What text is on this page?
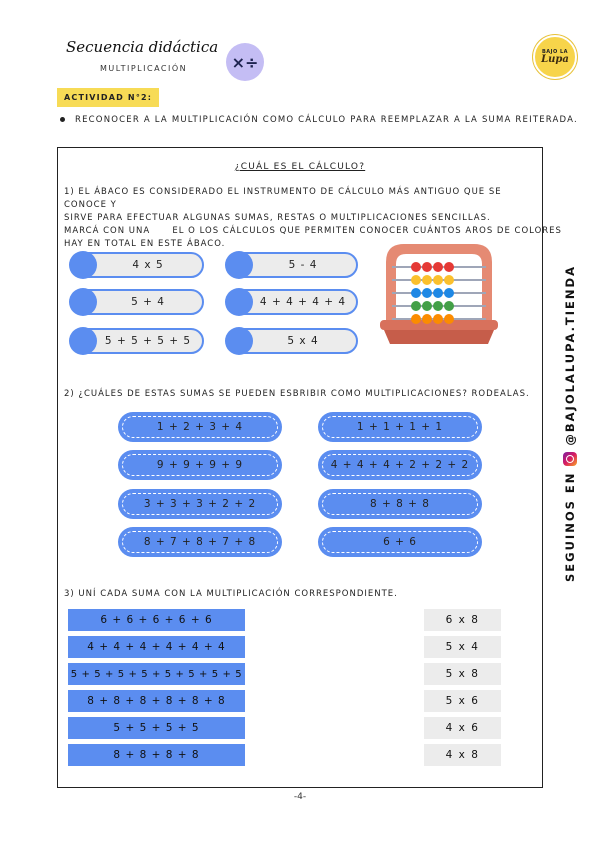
Secuencia didáctica
MULTIPLICACIÓN	×÷
BAJO LA
Lupa
ACTIVIDAD N°2:
RECONOCER A LA MULTIPLICACIÓN COMO CÁLCULO PARA REEMPLAZAR A LA SUMA REITERADA.
¿CUÁL ES EL CÁLCULO?
1) EL ÁBACO ES CONSIDERADO EL INSTRUMENTO DE CÁLCULO MÁS ANTIGUO QUE SE CONOCE Y
SIRVE PARA EFECTUAR ALGUNAS SUMAS, RESTAS O MULTIPLICACIONES SENCILLAS.
MARCÁ CON UNA      EL O LOS CÁLCULOS QUE PERMITEN CONOCER CUÁNTOS AROS DE COLORES
HAY EN TOTAL EN ESTE ÁBACO.
4 x 5	5 - 4
5 + 4	4 + 4 + 4 + 4
5 + 5 + 5 + 5	5 x 4
2) ¿CUÁLES DE ESTAS SUMAS SE PUEDEN ESBRIBIR COMO MULTIPLICACIONES? RODEALAS.
1 + 2 + 3 + 4	1 + 1 + 1 + 1
9 + 9 + 9 + 9	4 + 4 + 4 + 2 + 2 + 2
3 + 3 + 3 + 2 + 2	8 + 8 + 8
8 + 7 + 8 + 7 + 8	6 + 6
3) UNÍ CADA SUMA CON LA MULTIPLICACIÓN CORRESPONDIENTE.
6 + 6 + 6 + 6 + 6
4 + 4 + 4 + 4 + 4 + 4
5 + 5 + 5 + 5 + 5 + 5 + 5 + 5
8 + 8 + 8 + 8 + 8 + 8
5 + 5 + 5 + 5
8 + 8 + 8 + 8
6 x 8
5 x 4
5 x 8
5 x 6
4 x 6
4 x 8
-4-
SEGUINOS EN
@BAJOLALUPA.TIENDA
